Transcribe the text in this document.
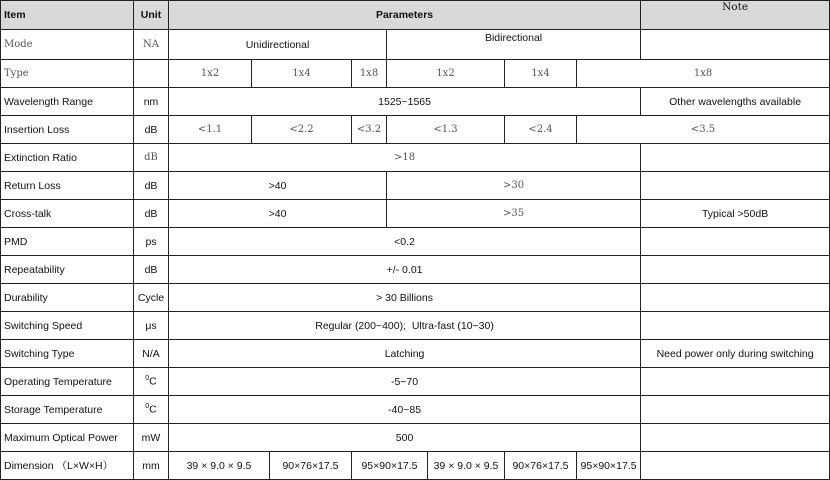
Item	Unit	Parameters								Note	
Mode	NA	Unidirectional				Bidirectional					
Type		1x2	1x4		1x8	1x2		1x4	1x8		
Wavelength Range	nm	1525~1565								Other wavelengths available	
Insertion Loss	dB	<1.1	<2.2		<3.2	<1.3		<2.4	<3.5		
Extinction Ratio	dB	>18									
Return Loss	dB	>40				>30					
Cross-talk	dB	>40				>35				Typical >50dB	
PMD	ps	<0.2									
Repeatability	dB	+/- 0.01									
Durability	Cycle	> 30 Billions									
Switching Speed	μs	Regular (200~400);  Ultra-fast (10~30)									
Switching Type	N/A	Latching								Need power only during switching	
Operating Temperature	$^0$C	-5~70									
Storage Temperature	$^0$C	-40~85									
Maximum Optical Power	mW	500									
Dimension （L×W×H）	mm	39 × 9.0 × 9.5		90×76×17.5	95×90×17.5		39 × 9.0 × 9.5	90×76×17.5	95×90×17.5		
